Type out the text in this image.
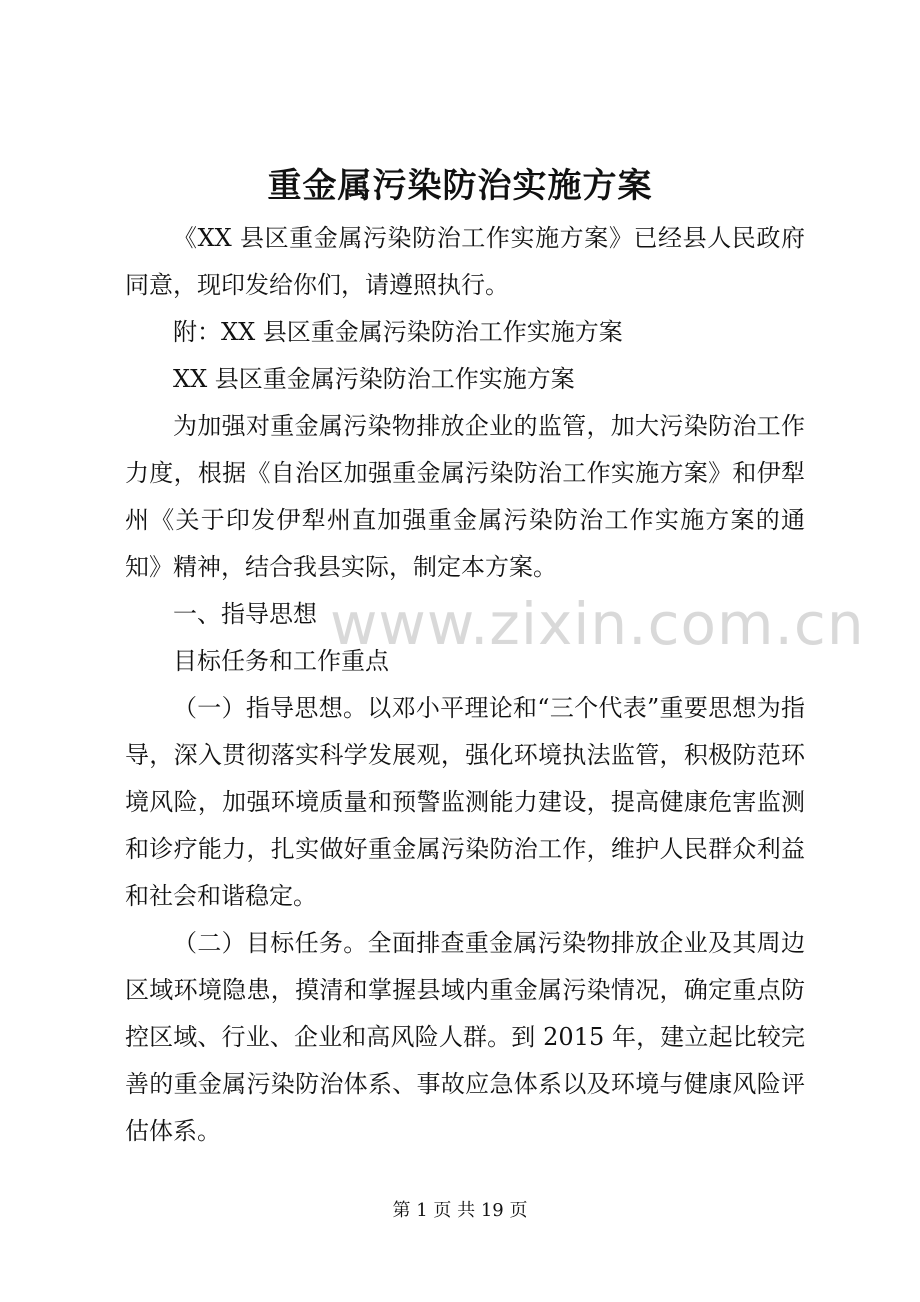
重金属污染防治实施方案

《XX 县区重金属污染防治工作实施方案》已经县人民政府同意，现印发给你们，请遵照执行。

附：XX 县区重金属污染防治工作实施方案

XX 县区重金属污染防治工作实施方案

为加强对重金属污染物排放企业的监管，加大污染防治工作力度，根据《自治区加强重金属污染防治工作实施方案》和伊犁州《关于印发伊犁州直加强重金属污染防治工作实施方案的通知》精神，结合我县实际，制定本方案。

一、指导思想

目标任务和工作重点

（一）指导思想。以邓小平理论和“三个代表”重要思想为指导，深入贯彻落实科学发展观，强化环境执法监管，积极防范环境风险，加强环境质量和预警监测能力建设，提高健康危害监测和诊疗能力，扎实做好重金属污染防治工作，维护人民群众利益和社会和谐稳定。

（二）目标任务。全面排查重金属污染物排放企业及其周边区域环境隐患，摸清和掌握县域内重金属污染情况，确定重点防控区域、行业、企业和高风险人群。到 2015 年，建立起比较完善的重金属污染防治体系、事故应急体系以及环境与健康风险评估体系。

www.zixin.com.cn
第 1 页 共 19 页
